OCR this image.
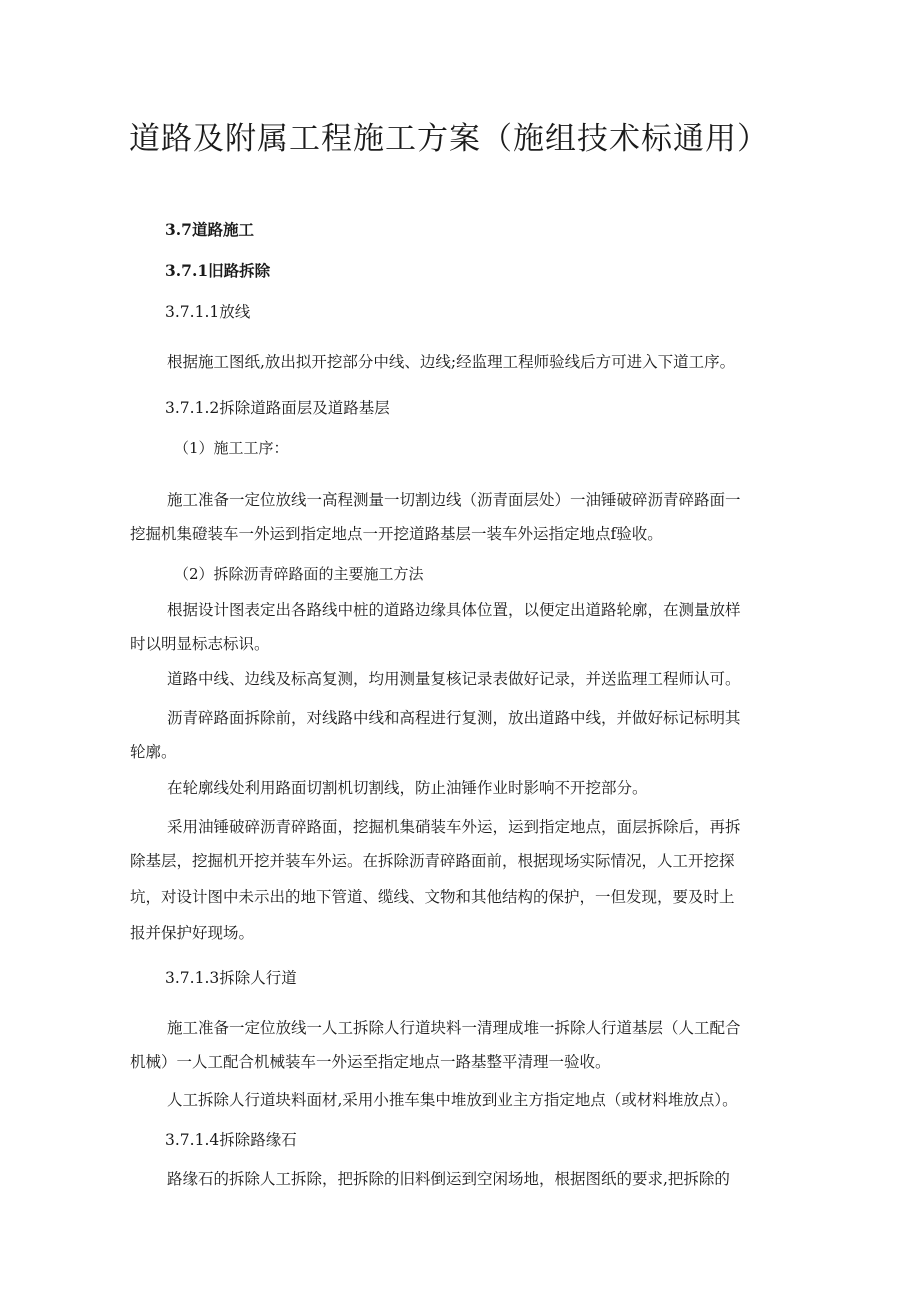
道路及附属工程施工方案（施组技术标通用）

3.7道路施工

3.7.1旧路拆除

3.7.1.1放线

根据施工图纸,放出拟开挖部分中线、边线;经监理工程师验线后方可进入下道工序。

3.7.1.2拆除道路面层及道路基层

（1）施工工序：

施工准备一定位放线一高程测量一切割边线（沥青面层处）一油锤破碎沥青碎路面一

挖掘机集磴装车一外运到指定地点一开挖道路基层一装车外运指定地点f验收。

（2）拆除沥青碎路面的主要施工方法

根据设计图表定出各路线中桩的道路边缘具体位置，以便定出道路轮廓，在测量放样

时以明显标志标识。

道路中线、边线及标高复测，均用测量复核记录表做好记录，并送监理工程师认可。

沥青碎路面拆除前，对线路中线和高程进行复测，放出道路中线，并做好标记标明其

轮廓。

在轮廓线处利用路面切割机切割线，防止油锤作业时影响不开挖部分。

采用油锤破碎沥青碎路面，挖掘机集硝装车外运，运到指定地点，面层拆除后，再拆

除基层，挖掘机开挖并装车外运。在拆除沥青碎路面前，根据现场实际情况，人工开挖探

坑，对设计图中未示出的地下管道、缆线、文物和其他结构的保护，一但发现，要及时上

报并保护好现场。

3.7.1.3拆除人行道

施工准备一定位放线一人工拆除人行道块料一清理成堆一拆除人行道基层（人工配合

机械）一人工配合机械装车一外运至指定地点一路基整平清理一验收。

人工拆除人行道块料面材,采用小推车集中堆放到业主方指定地点（或材料堆放点）。

3.7.1.4拆除路缘石

路缘石的拆除人工拆除，把拆除的旧料倒运到空闲场地，根据图纸的要求,把拆除的
